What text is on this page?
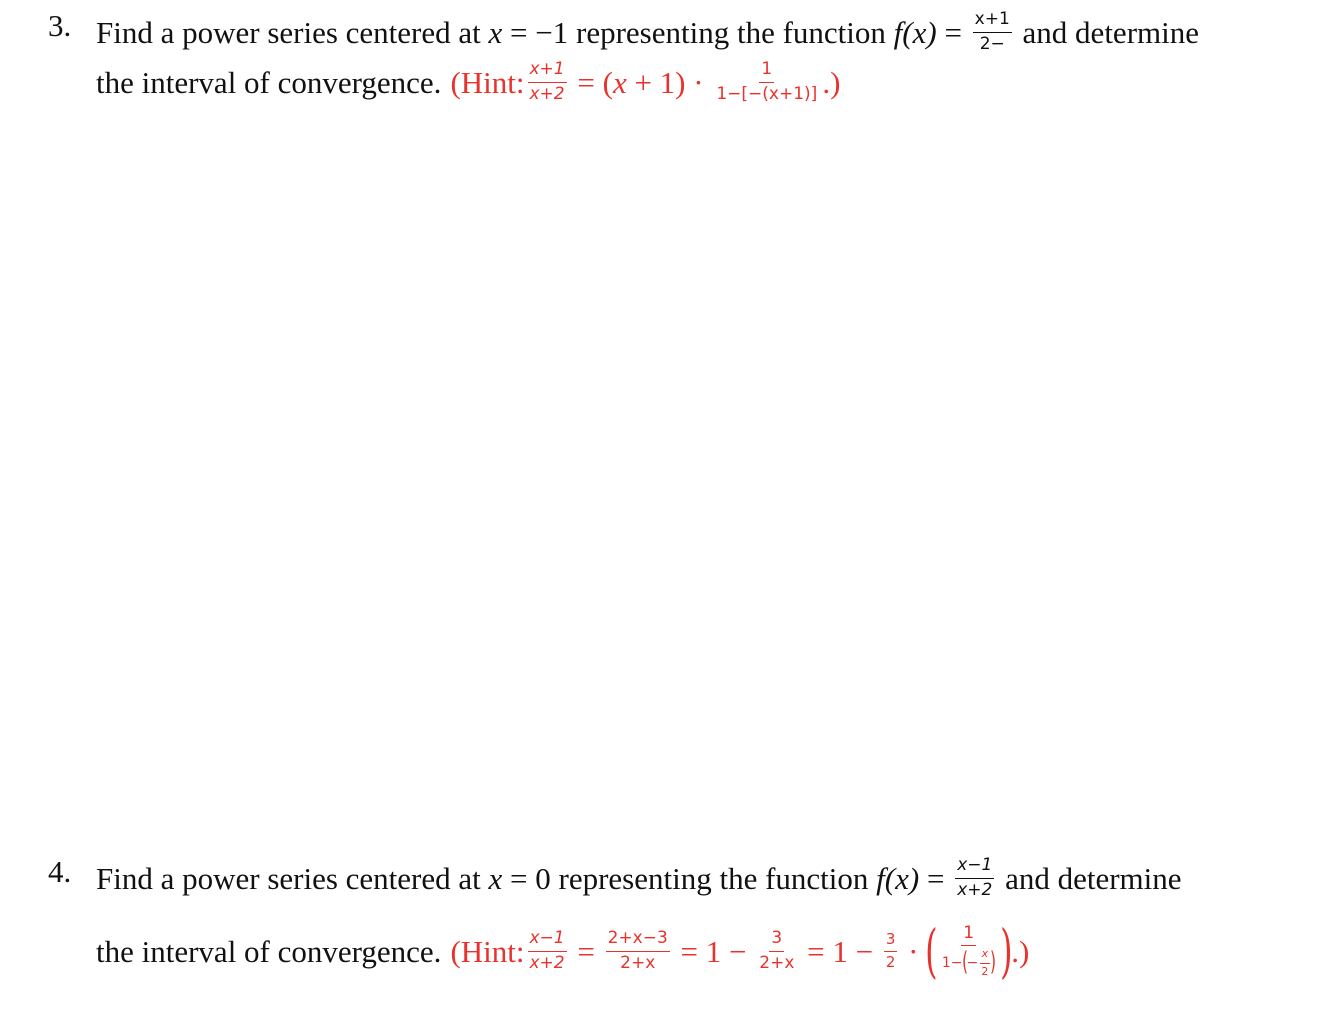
3. Find a power series centered at
x = −1 representing the function
$f(x) = \frac{x+1}{2-}$
and determine
the interval of convergence. (Hint: $\frac{x+1}{x+2}$ = ( $x + 1) \cdot \frac{1}{1-[-(x+1)]}$ .)
4. Find a power series centered at
x = 0 representing the function
$f(x) = \frac{x-1}{x+2}$
and determine
the interval of convergence. (Hint: $\frac{x-1}{x+2} = \frac{2+x-3}{2+x} = 1 - \frac{3}{2+x} = 1 - \frac{3}{2}$ · ( $\frac{1}{1- ( - \frac{x}{2} )}$ ) .)
